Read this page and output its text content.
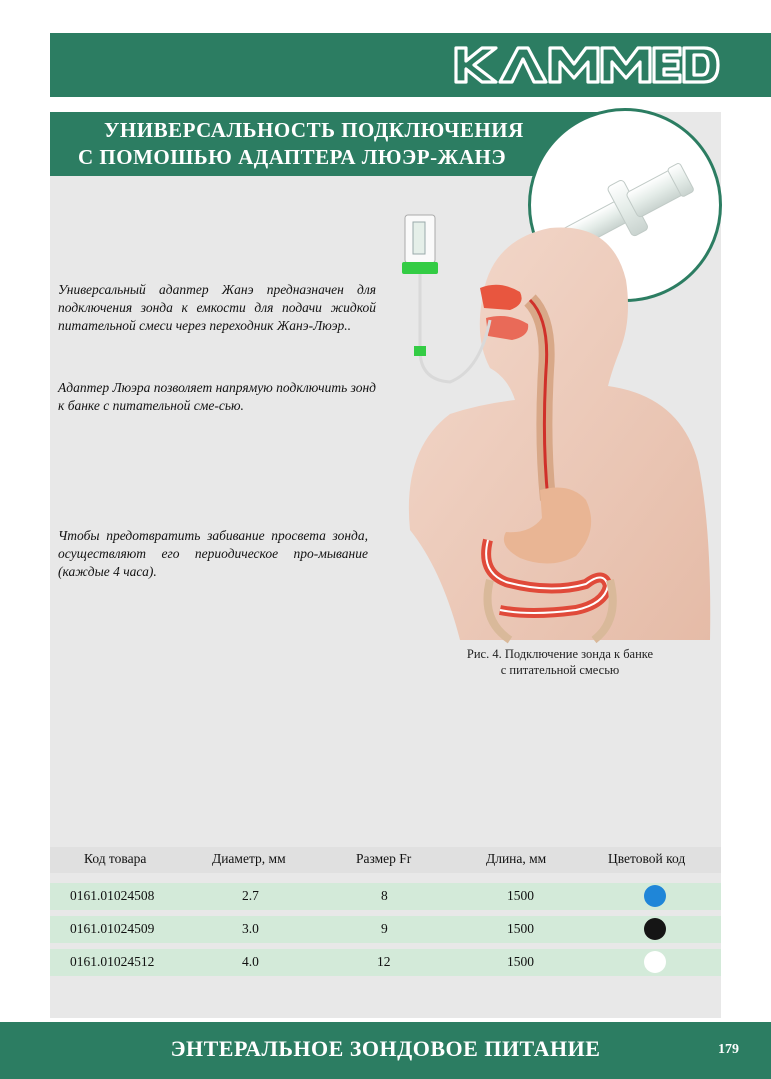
УНИВЕРСАЛЬНОСТЬ ПОДКЛЮЧЕНИЯ
С ПОМОШЬЮ АДАПТЕРА ЛЮЭР-ЖАНЭ
Универсальный адаптер Жанэ предназначен для подключения зонда к емкости для подачи жидкой питательной смеси через переходник Жанэ-Люэр..
Адаптер Люэра позволяет напрямую подключить зонд к банке с питательной сме-сью.
Чтобы предотвратить забивание просвета зонда, осуществляют его периодическое про-мывание (каждые 4 часа).
Рис. 4. Подключение зонда к банке
с питательной смесью
Код товара	Диаметр, мм	Размер Fr	Длина, мм	Цветовой код
0161.01024508	2.7	8	1500
0161.01024509	3.0	9	1500
0161.01024512	4.0	12	1500
ЭНТЕРАЛЬНОЕ ЗОНДОВОЕ ПИТАНИЕ	179
